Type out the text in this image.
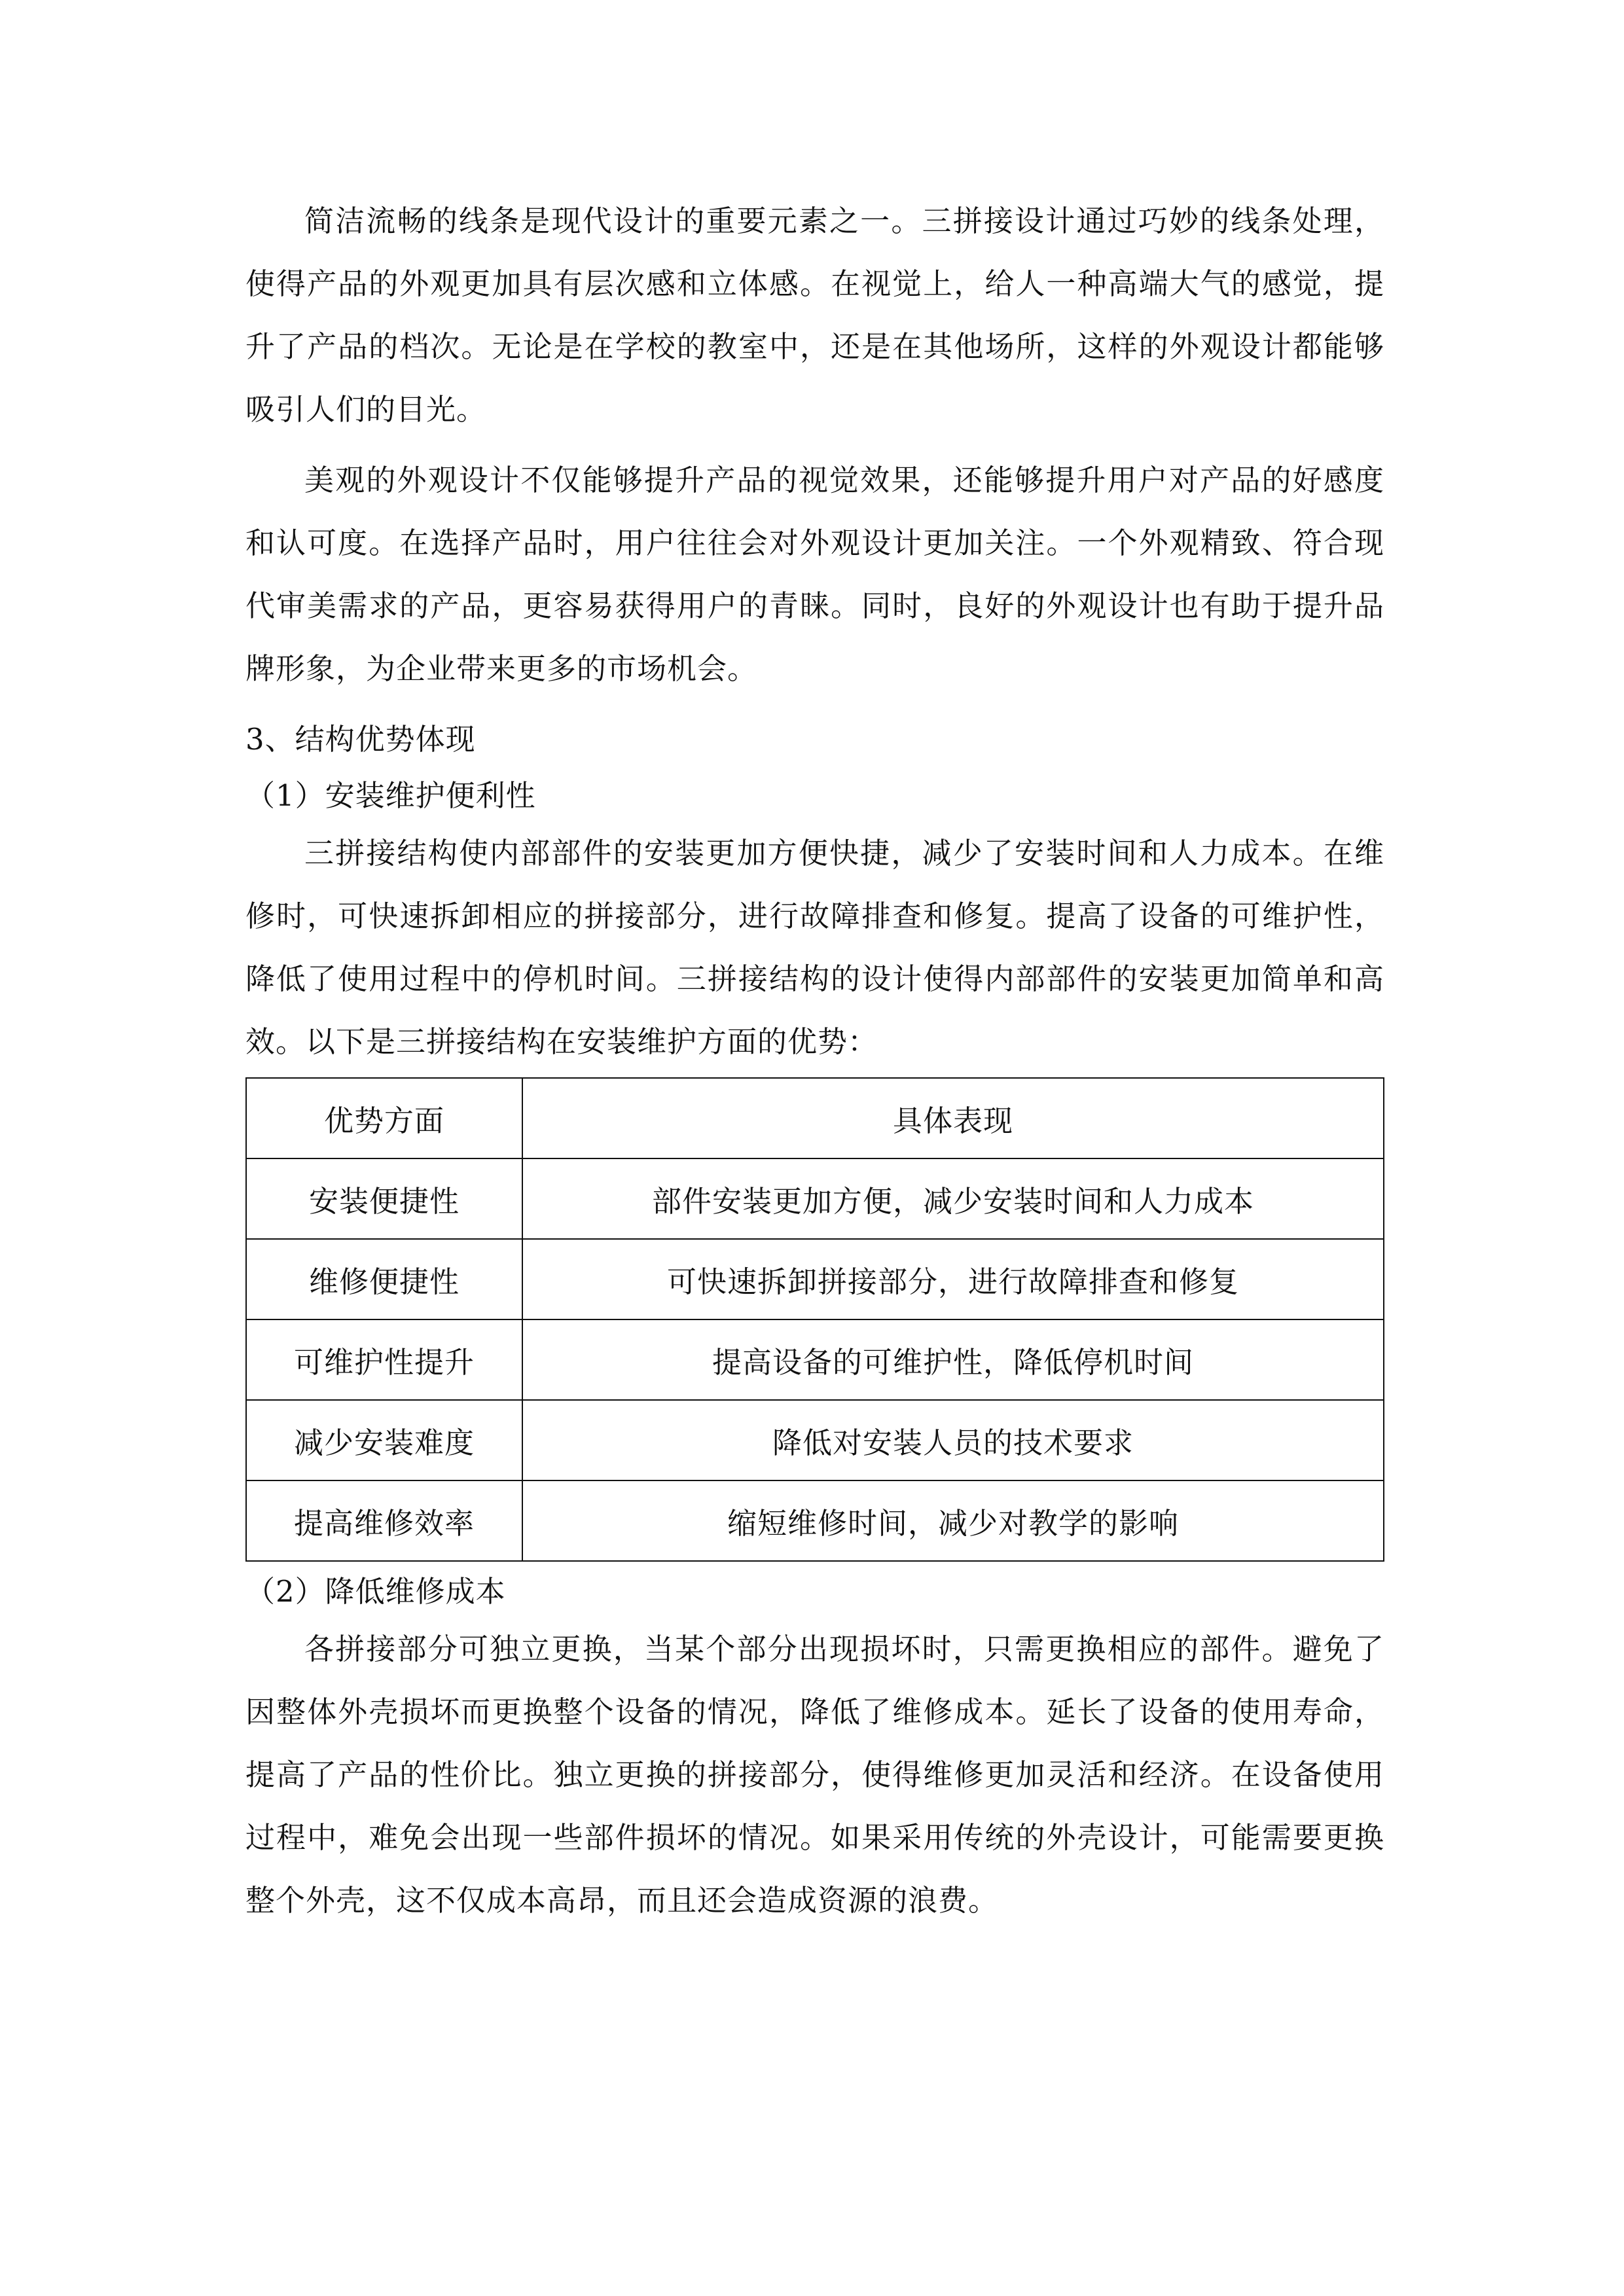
简洁流畅的线条是现代设计的重要元素之一。三拼接设计通过巧妙的线条处理，使得产品的外观更加具有层次感和立体感。在视觉上，给人一种高端大气的感觉，提升了产品的档次。无论是在学校的教室中，还是在其他场所，这样的外观设计都能够吸引人们的目光。

美观的外观设计不仅能够提升产品的视觉效果，还能够提升用户对产品的好感度和认可度。在选择产品时，用户往往会对外观设计更加关注。一个外观精致、符合现代审美需求的产品，更容易获得用户的青睐。同时，良好的外观设计也有助于提升品牌形象，为企业带来更多的市场机会。

3、结构优势体现

（1）安装维护便利性

三拼接结构使内部部件的安装更加方便快捷，减少了安装时间和人力成本。在维修时，可快速拆卸相应的拼接部分，进行故障排查和修复。提高了设备的可维护性，降低了使用过程中的停机时间。三拼接结构的设计使得内部部件的安装更加简单和高效。以下是三拼接结构在安装维护方面的优势：

优势方面	具体表现
安装便捷性	部件安装更加方便，减少安装时间和人力成本
维修便捷性	可快速拆卸拼接部分，进行故障排查和修复
可维护性提升	提高设备的可维护性，降低停机时间
减少安装难度	降低对安装人员的技术要求
提高维修效率	缩短维修时间，减少对教学的影响

（2）降低维修成本

各拼接部分可独立更换，当某个部分出现损坏时，只需更换相应的部件。避免了因整体外壳损坏而更换整个设备的情况，降低了维修成本。延长了设备的使用寿命，提高了产品的性价比。独立更换的拼接部分，使得维修更加灵活和经济。在设备使用过程中，难免会出现一些部件损坏的情况。如果采用传统的外壳设计，可能需要更换整个外壳，这不仅成本高昂，而且还会造成资源的浪费。
